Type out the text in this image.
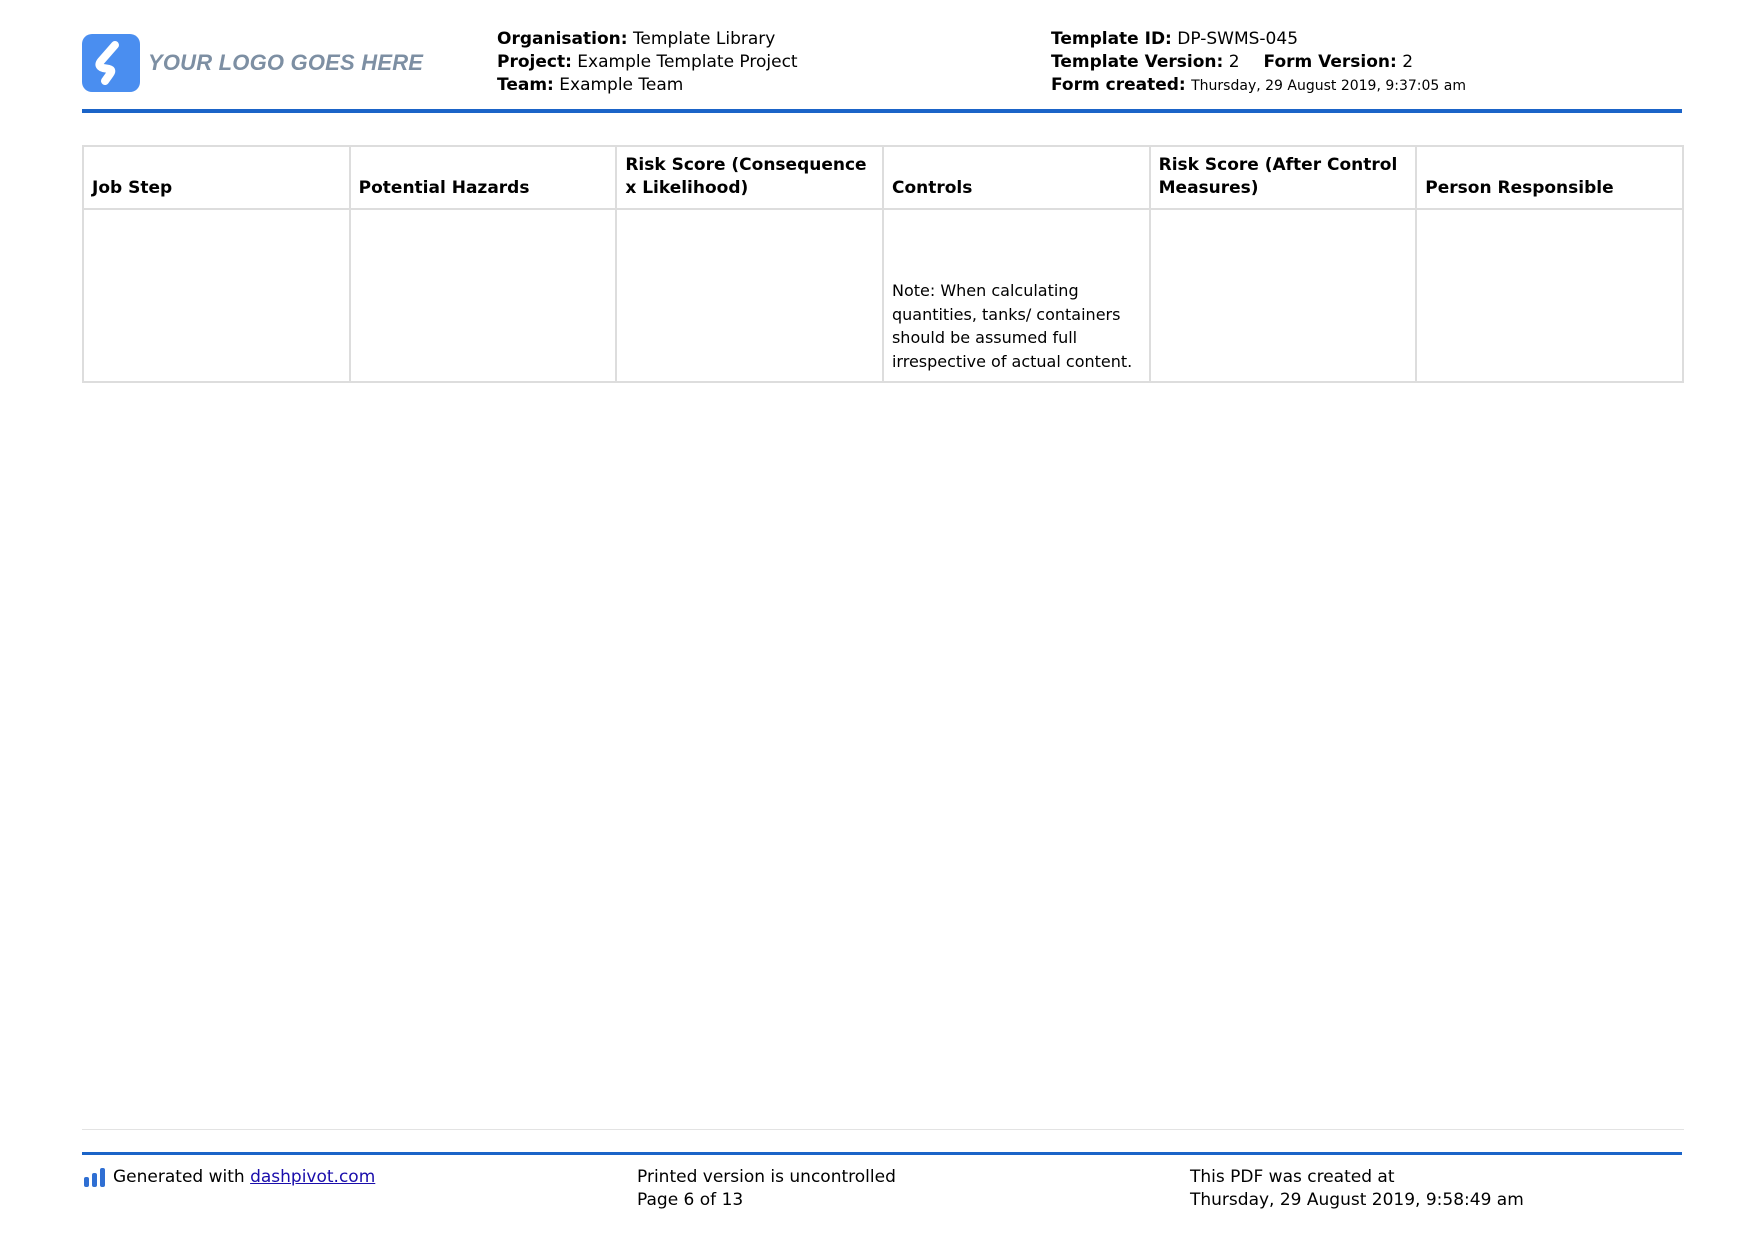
YOUR LOGO GOES HERE
Organisation: Template Library
Project: Example Template Project
Team: Example Team
Template ID: DP-SWMS-045
Template Version: 2 Form Version: 2
Form created: Thursday, 29 August 2019, 9:37:05 am
Job Step	Potential Hazards	Risk Score (Consequence x Likelihood)	Controls	Risk Score (After Control Measures)	Person Responsible
			Note: When calculating quantities, tanks/ containers should be assumed full irrespective of actual content.		
Generated with
dashpivot.com	Printed version is uncontrolled
Page 6 of 13
This PDF was created at
Thursday, 29 August 2019, 9:58:49 am
